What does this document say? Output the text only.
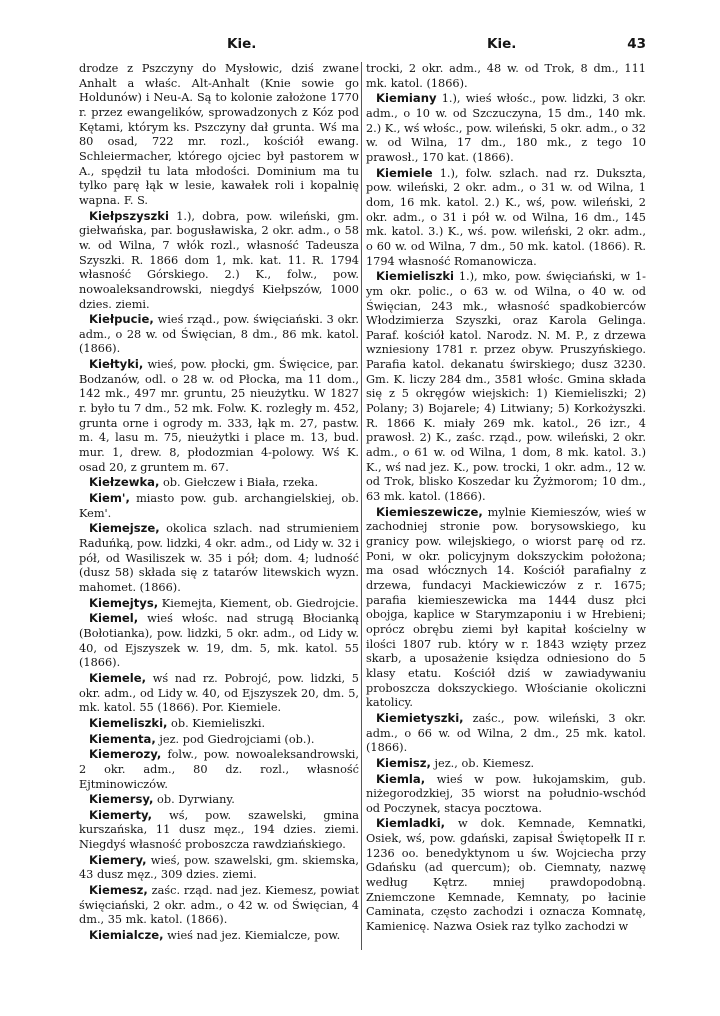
Kie.	Kie.	43

drodze z Pszczyny do Mysłowic, dziś zwane Anhalt a właśc. Alt-Anhalt (Knie sowie go Holdunów) i Neu-A. Są to kolonie założone 1770 r. przez ewangelików, sprowadzonych z Kóz pod Kętami, którym ks. Pszczyny dał grunta. Wś ma 80 osad, 722 mr. rozl., kościół ewang. Schleiermacher, którego ojciec był pastorem w A., spędził tu lata młodości. Dominium ma tu tylko parę łąk w lesie, kawałek roli i kopalnię wapna. F. S.

Kiełpszyszki 1.), dobra, pow. wileński, gm. giełwańska, par. bogusławiska, 2 okr. adm., o 58 w. od Wilna, 7 włók rozl., własność Tadeusza Szyszki. R. 1866 dom 1, mk. kat. 11. R. 1794 własność Górskiego. 2.) K., folw., pow. nowoaleksandrowski, niegdyś Kiełpszów, 1000 dzies. ziemi.

Kiełpucie, wieś rząd., pow. święciański. 3 okr. adm., o 28 w. od Święcian, 8 dm., 86 mk. katol. (1866).

Kiełtyki, wieś, pow. płocki, gm. Święcice, par. Bodzanów, odl. o 28 w. od Płocka, ma 11 dom., 142 mk., 497 mr. gruntu, 25 nieużytku. W 1827 r. było tu 7 dm., 52 mk. Folw. K. rozległy m. 452, grunta orne i ogrody m. 333, łąk m. 27, pastw. m. 4, lasu m. 75, nieużytki i place m. 13, bud. mur. 1, drew. 8, płodozmian 4-polowy. Wś K. osad 20, z gruntem m. 67.

Kiełzewka, ob. Giełczew i Biała, rzeka.

Kiem', miasto pow. gub. archangielskiej, ob. Kem'.

Kiemejsze, okolica szlach. nad strumieniem Raduńką, pow. lidzki, 4 okr. adm., od Lidy w. 32 i pół, od Wasiliszek w. 35 i pół; dom. 4; ludność (dusz 58) składa się z tatarów litewskich wyzn. mahomet. (1866).

Kiemejtys, Kiemejta, Kiement, ob. Giedrojcie.

Kiemel, wieś włośc. nad strugą Błocianką (Bołotianka), pow. lidzki, 5 okr. adm., od Lidy w. 40, od Ejszyszek w. 19, dm. 5, mk. katol. 55 (1866).

Kiemele, wś nad rz. Pobrojć, pow. lidzki, 5 okr. adm., od Lidy w. 40, od Ejszyszek 20, dm. 5, mk. katol. 55 (1866). Por. Kiemiele.

Kiemeliszki, ob. Kiemieliszki.

Kiementa, jez. pod Giedrojciami (ob.).

Kiemerozy, folw., pow. nowoaleksandrowski, 2 okr. adm., 80 dz. rozl., własność Ejtminowiczów.

Kiemersy, ob. Dyrwiany.

Kiemerty, wś, pow. szawelski, gmina kurszańska, 11 dusz męz., 194 dzies. ziemi. Niegdyś własność proboszcza rawdziańskiego.

Kiemery, wieś, pow. szawelski, gm. skiemska, 43 dusz męz., 309 dzies. ziemi.

Kiemesz, zaśc. rząd. nad jez. Kiemesz, powiat święciański, 2 okr. adm., o 42 w. od Święcian, 4 dm., 35 mk. katol. (1866).

Kiemialcze, wieś nad jez. Kiemialcze, pow.

trocki, 2 okr. adm., 48 w. od Trok, 8 dm., 111 mk. katol. (1866).

Kiemiany 1.), wieś włośc., pow. lidzki, 3 okr. adm., o 10 w. od Szczuczyna, 15 dm., 140 mk. 2.) K., wś włośc., pow. wileński, 5 okr. adm., o 32 w. od Wilna, 17 dm., 180 mk., z tego 10 prawosł., 170 kat. (1866).

Kiemiele 1.), folw. szlach. nad rz. Dukszta, pow. wileński, 2 okr. adm., o 31 w. od Wilna, 1 dom, 16 mk. katol. 2.) K., wś, pow. wileński, 2 okr. adm., o 31 i pół w. od Wilna, 16 dm., 145 mk. katol. 3.) K., wś. pow. wileński, 2 okr. adm., o 60 w. od Wilna, 7 dm., 50 mk. katol. (1866). R. 1794 własność Romanowicza.

Kiemieliszki 1.), mko, pow. święciański, w 1-ym okr. polic., o 63 w. od Wilna, o 40 w. od Święcian, 243 mk., własność spadkobierców Włodzimierza Szyszki, oraz Karola Gelinga. Paraf. kościół katol. Narodz. N. M. P., z drzewa wzniesiony 1781 r. przez obyw. Pruszyńskiego. Parafia katol. dekanatu świrskiego; dusz 3230. Gm. K. liczy 284 dm., 3581 włośc. Gmina składa się z 5 okręgów wiejskich: 1) Kiemieliszki; 2) Polany; 3) Bojarele; 4) Litwiany; 5) Korkożyszki. R. 1866 K. miały 269 mk. katol., 26 izr., 4 prawosł. 2) K., zaśc. rząd., pow. wileński, 2 okr. adm., o 61 w. od Wilna, 1 dom, 8 mk. katol. 3.) K., wś nad jez. K., pow. trocki, 1 okr. adm., 12 w. od Trok, blisko Koszedar ku Żyżmorom; 10 dm., 63 mk. katol. (1866).

Kiemieszewicze, mylnie Kiemieszów, wieś w zachodniej stronie pow. borysowskiego, ku granicy pow. wilejskiego, o wiorst parę od rz. Poni, w okr. policyjnym dokszyckim położona; ma osad włócznych 14. Kościół parafialny z drzewa, fundacyi Mackiewiczów z r. 1675; parafia kiemieszewicka ma 1444 dusz płci obojga, kaplice w Starymzaponiu i w Hrebieni; oprócz obrębu ziemi był kapitał kościelny w ilości 1807 rub. który w r. 1843 wzięty przez skarb, a uposażenie księdza odniesiono do 5 klasy etatu. Kościół dziś w zawiadywaniu proboszcza dokszyckiego. Włościanie okoliczni katolicy.

Kiemietyszki, zaśc., pow. wileński, 3 okr. adm., o 66 w. od Wilna, 2 dm., 25 mk. katol. (1866).

Kiemisz, jez., ob. Kiemesz.

Kiemla, wieś w pow. łukojamskim, gub. niżegorodzkiej, 35 wiorst na południo-wschód od Poczynek, stacya pocztowa.

Kiemladki, w dok. Kemnade, Kemnatki, Osiek, wś, pow. gdański, zapisał Świętopełk II r. 1236 oo. benedyktynom u św. Wojciecha przy Gdańsku (ad quercum); ob. Ciemnaty, nazwę według Kętrz. mniej prawdopodobną. Zniemczone Kemnade, Kemnaty, po łacinie Caminata, często zachodzi i oznacza Komnatę, Kamienicę. Nazwa Osiek raz tylko zachodzi w
